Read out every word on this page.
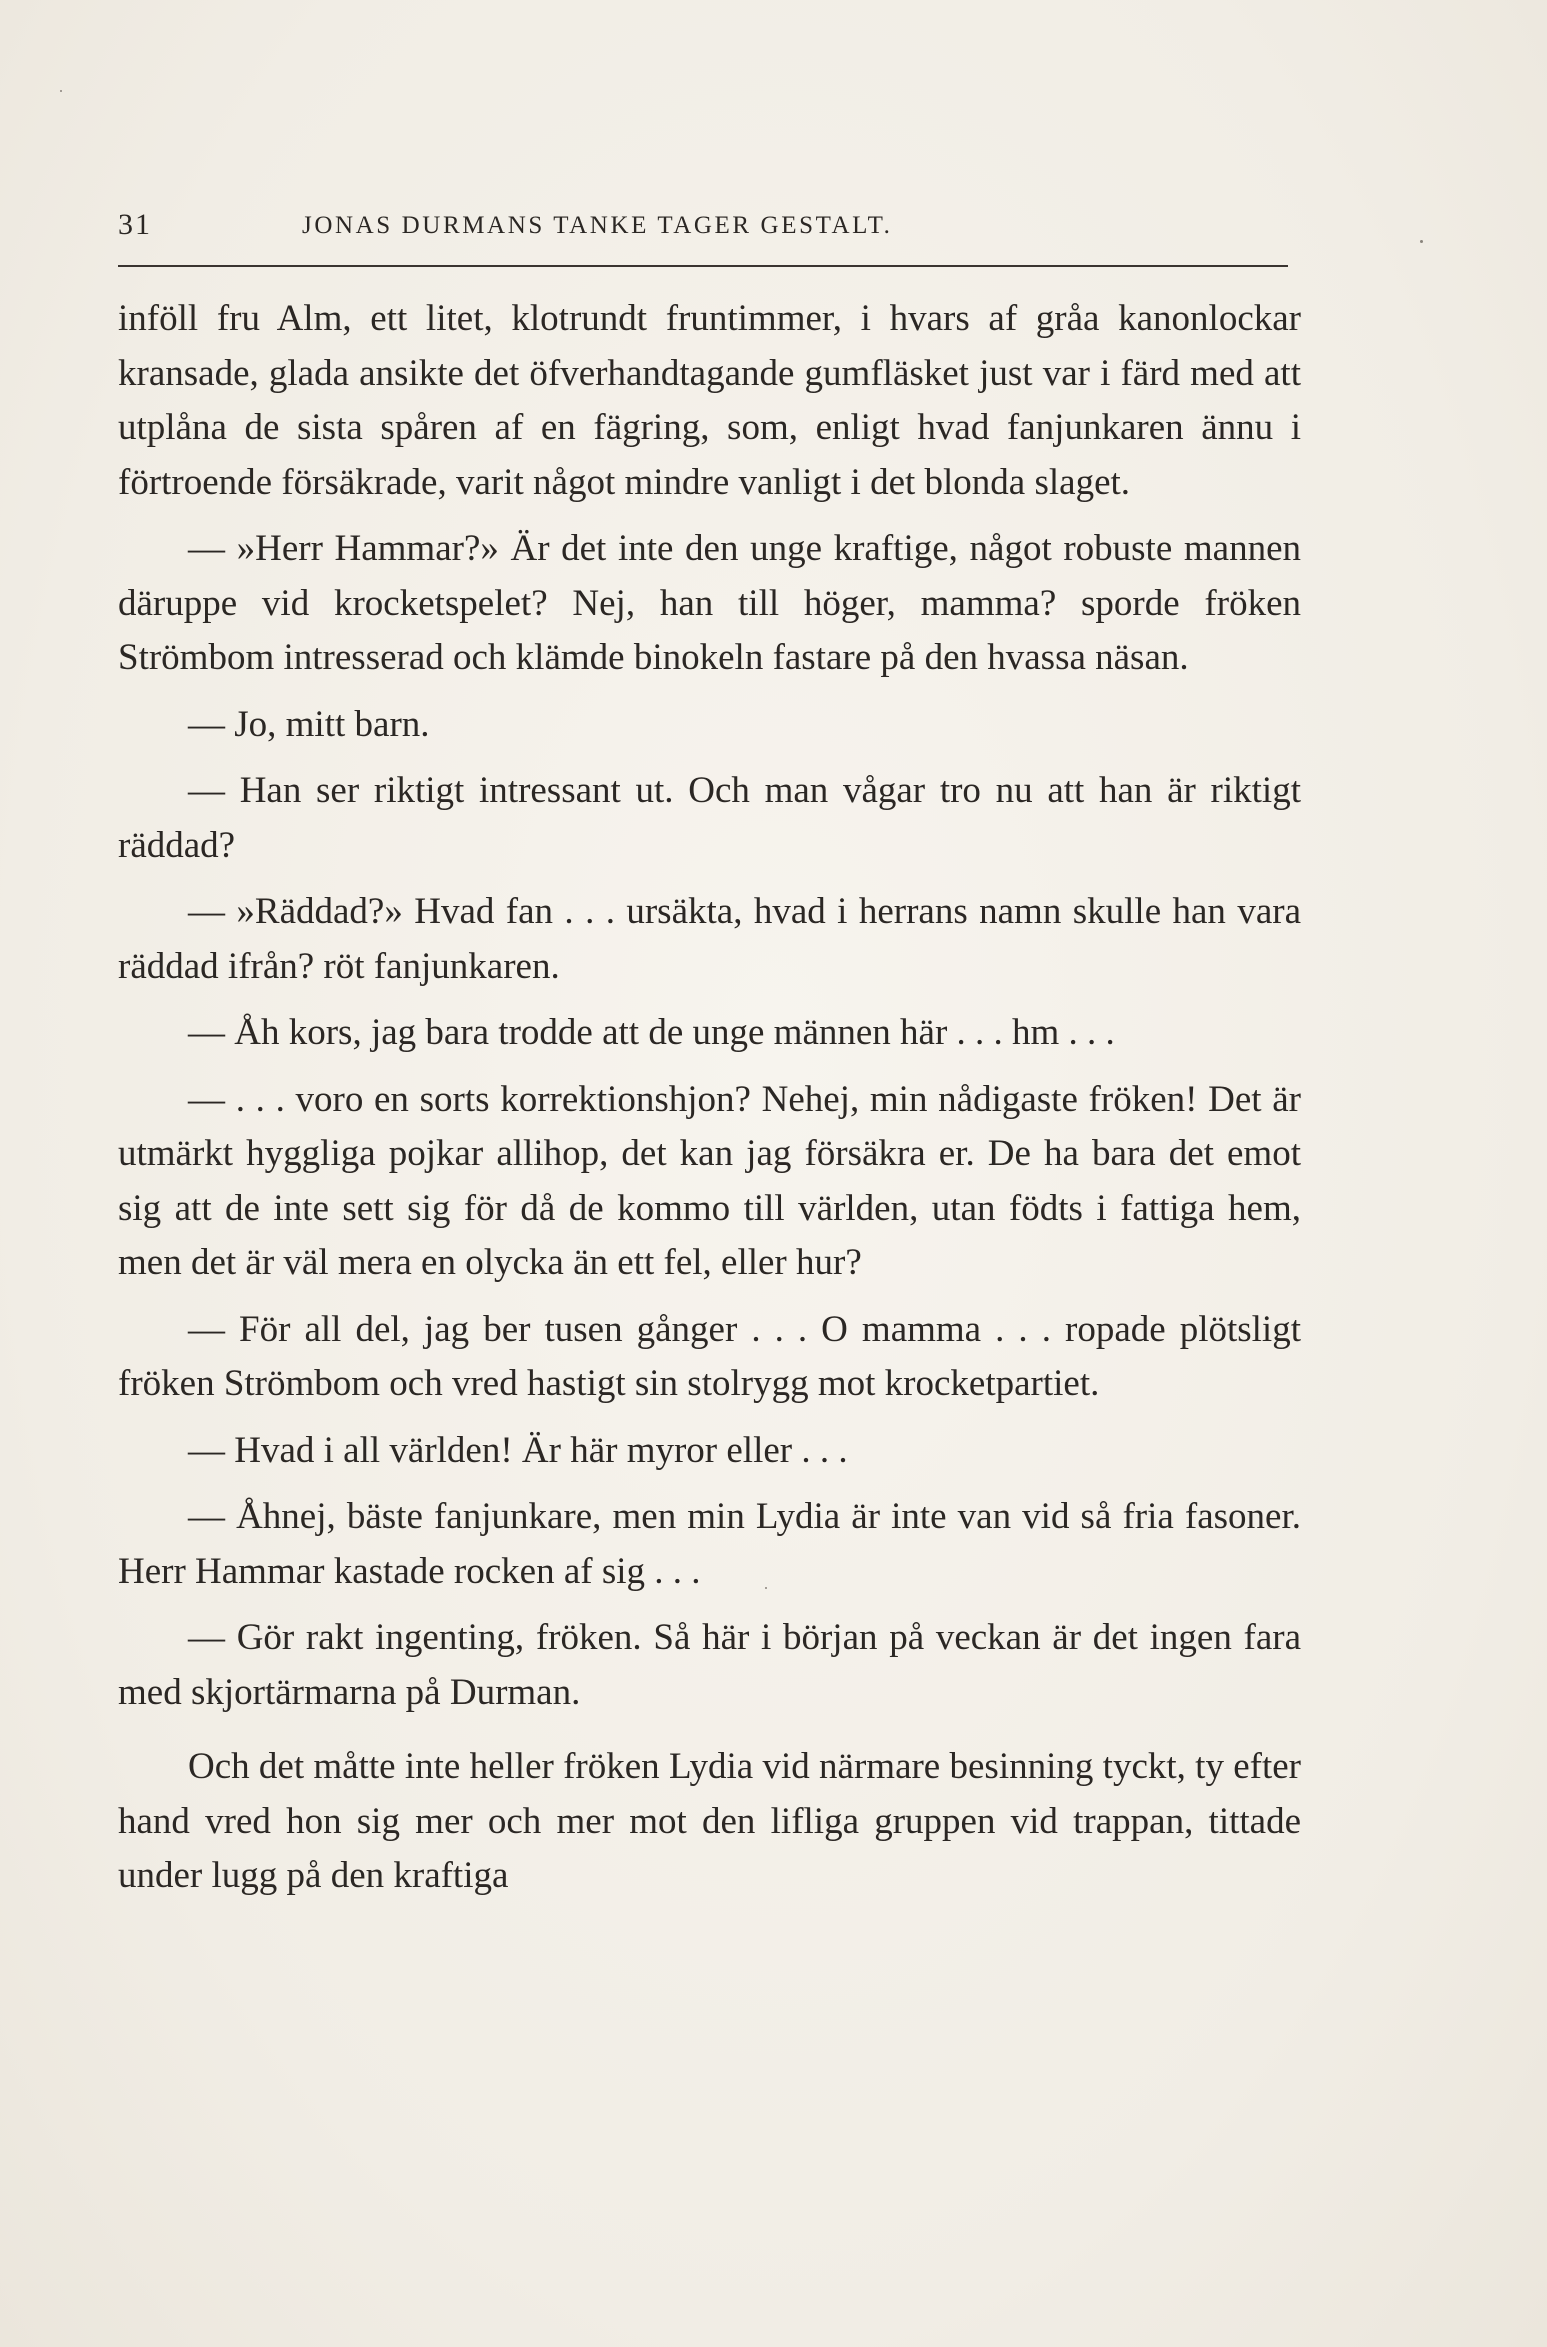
31	JONAS DURMANS TANKE TAGER GESTALT.

inföll fru Alm, ett litet, klotrundt fruntimmer, i hvars af gråa kanonlockar kransade, glada ansikte det öfverhandtagande gumfläsket just var i färd med att utplåna de sista spåren af en fägring, som, enligt hvad fanjunkaren ännu i förtroende försäkrade, varit något mindre vanligt i det blonda slaget.

— »Herr Hammar?» Är det inte den unge kraftige, något robuste mannen däruppe vid krocketspelet? Nej, han till höger, mamma? sporde fröken Strömbom intresserad och klämde binokeln fastare på den hvassa näsan.

— Jo, mitt barn.

— Han ser riktigt intressant ut. Och man vågar tro nu att han är riktigt räddad?

— »Räddad?» Hvad fan . . . ursäkta, hvad i herrans namn skulle han vara räddad ifrån? röt fanjunkaren.

— Åh kors, jag bara trodde att de unge männen här . . . hm . . .

— . . . voro en sorts korrektionshjon? Nehej, min nådigaste fröken! Det är utmärkt hyggliga pojkar allihop, det kan jag försäkra er. De ha bara det emot sig att de inte sett sig för då de kommo till världen, utan födts i fattiga hem, men det är väl mera en olycka än ett fel, eller hur?

— För all del, jag ber tusen gånger . . . O mamma . . . ropade plötsligt fröken Strömbom och vred hastigt sin stolrygg mot krocketpartiet.

— Hvad i all världen! Är här myror eller . . .

— Åhnej, bäste fanjunkare, men min Lydia är inte van vid så fria fasoner. Herr Hammar kastade rocken af sig . . .

— Gör rakt ingenting, fröken. Så här i början på veckan är det ingen fara med skjortärmarna på Durman.

Och det måtte inte heller fröken Lydia vid närmare besinning tyckt, ty efter hand vred hon sig mer och mer mot den lifliga gruppen vid trappan, tittade under lugg på den kraftiga
